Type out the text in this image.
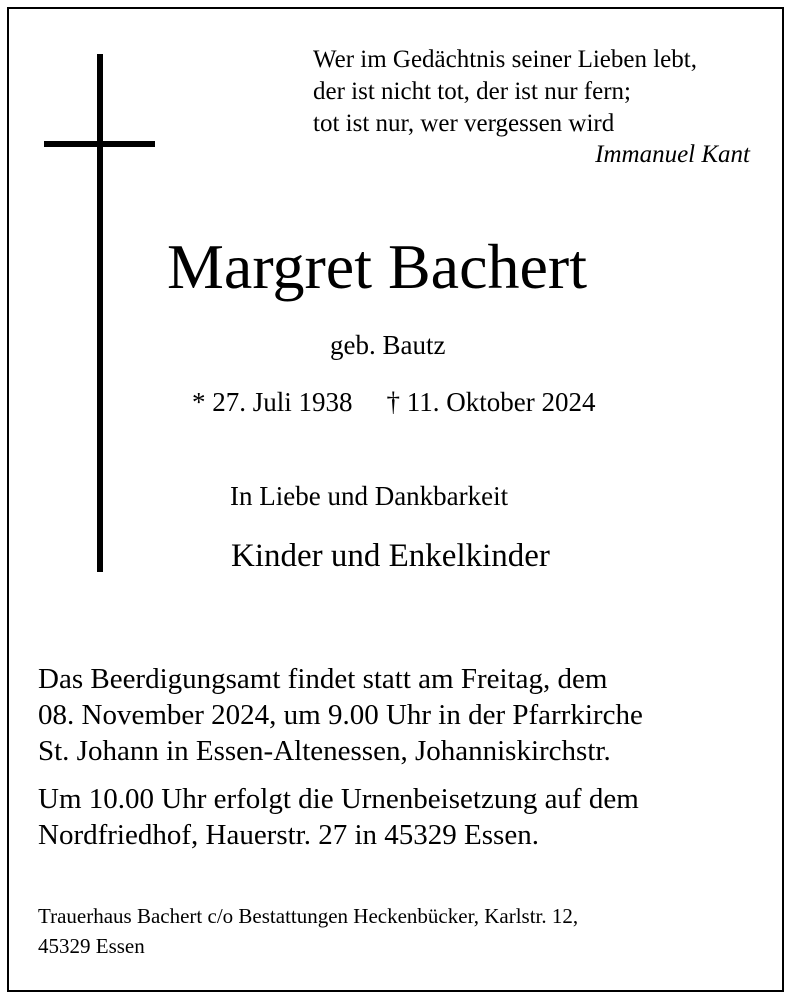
Wer im Gedächtnis seiner Lieben lebt,
der ist nicht tot, der ist nur fern;
tot ist nur, wer vergessen wird
Immanuel Kant
Margret Bachert
geb. Bautz
* 27. Juli 1938 † 11. Oktober 2024
In Liebe und Dankbarkeit
Kinder und Enkelkinder
Das Beerdigungsamt findet statt am Freitag, dem
08. November 2024, um 9.00 Uhr in der Pfarrkirche
St. Johann in Essen-Altenessen, Johanniskirchstr.
Um 10.00 Uhr erfolgt die Urnenbeisetzung auf dem
Nordfriedhof, Hauerstr. 27 in 45329 Essen.
Trauerhaus Bachert c/o Bestattungen Heckenbücker, Karlstr. 12,
45329 Essen
